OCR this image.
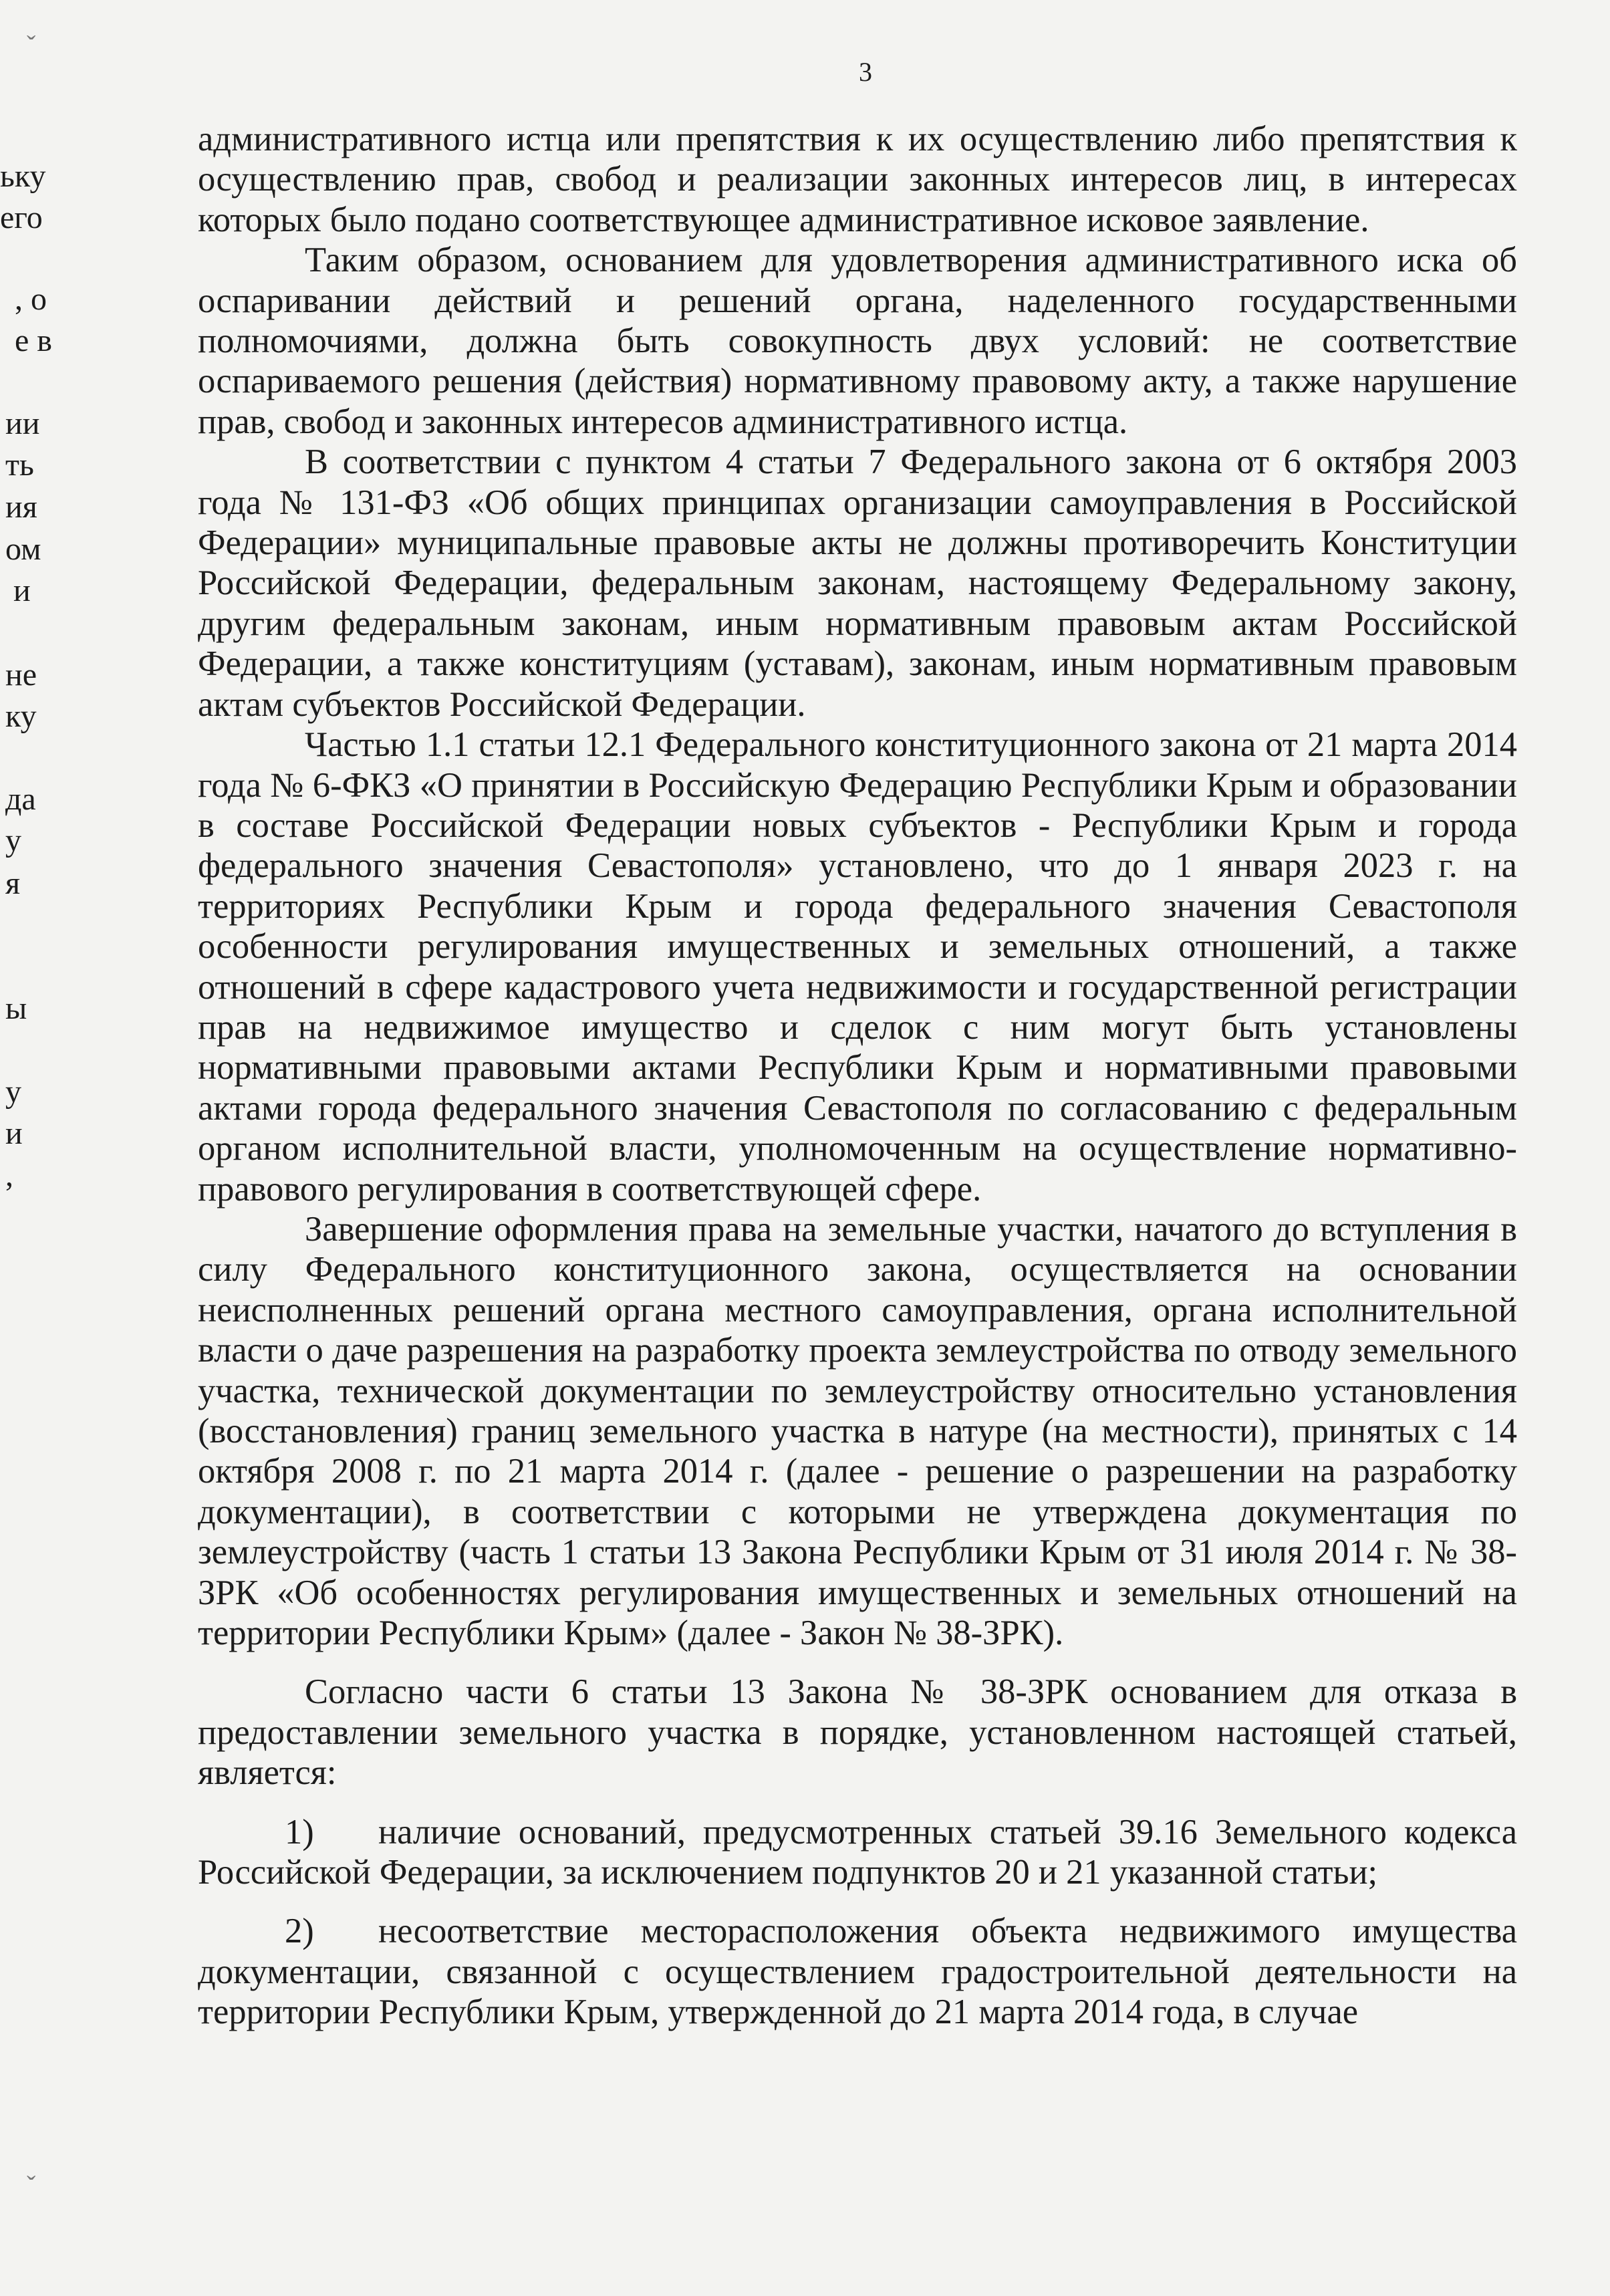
3
ьку
его
, о
е в
ии
ть
ия
ом
и
не
ку
да
у
я
ы
у
и
,
ˇ
ˇ

административного истца или препятствия к их осуществлению либо препятствия к осуществлению прав, свобод и реализации законных интересов лиц, в интересах которых было подано соответствующее административное исковое заявление.

Таким образом, основанием для удовлетворения административного иска об оспаривании действий и решений органа, наделенного государственными полномочиями, должна быть совокупность двух условий: не соответствие оспариваемого решения (действия) нормативному правовому акту, а также нарушение прав, свобод и законных интересов административного истца.

В соответствии с пунктом 4 статьи 7 Федерального закона от 6 октября 2003 года № 131-ФЗ «Об общих принципах организации самоуправления в Российской Федерации» муниципальные правовые акты не должны противоречить Конституции Российской Федерации, федеральным законам, настоящему Федеральному закону, другим федеральным законам, иным нормативным правовым актам Российской Федерации, а также конституциям (уставам), законам, иным нормативным правовым актам субъектов Российской Федерации.

Частью 1.1 статьи 12.1 Федерального конституционного закона от 21 марта 2014 года № 6-ФКЗ «О принятии в Российскую Федерацию Республики Крым и образовании в составе Российской Федерации новых субъектов - Республики Крым и города федерального значения Севастополя» установлено, что до 1 января 2023 г. на территориях Республики Крым и города федерального значения Севастополя особенности регулирования имущественных и земельных отношений, а также отношений в сфере кадастрового учета недвижимости и государственной регистрации прав на недвижимое имущество и сделок с ним могут быть установлены нормативными правовыми актами Республики Крым и нормативными правовыми актами города федерального значения Севастополя по согласованию с федеральным органом исполнительной власти, уполномоченным на осуществление нормативно-правового регулирования в соответствующей сфере.

Завершение оформления права на земельные участки, начатого до вступления в силу Федерального конституционного закона, осуществляется на основании неисполненных решений органа местного самоуправления, органа исполнительной власти о даче разрешения на разработку проекта землеустройства по отводу земельного участка, технической документации по землеустройству относительно установления (восстановления) границ земельного участка в натуре (на местности), принятых с 14 октября 2008 г. по 21 марта 2014 г. (далее - решение о разрешении на разработку документации), в соответствии с которыми не утверждена документация по землеустройству (часть 1 статьи 13 Закона Республики Крым от 31 июля 2014 г. № 38-ЗРК «Об особенностях регулирования имущественных и земельных отношений на территории Республики Крым» (далее - Закон № 38-ЗРК).

Согласно части 6 статьи 13 Закона № 38-ЗРК основанием для отказа в предоставлении земельного участка в порядке, установленном настоящей статьей, является:

1) наличие оснований, предусмотренных статьей 39.16 Земельного кодекса Российской Федерации, за исключением подпунктов 20 и 21 указанной статьи;

2) несоответствие месторасположения объекта недвижимого имущества документации, связанной с осуществлением градостроительной деятельности на территории Республики Крым, утвержденной до 21 марта 2014 года, в случае
